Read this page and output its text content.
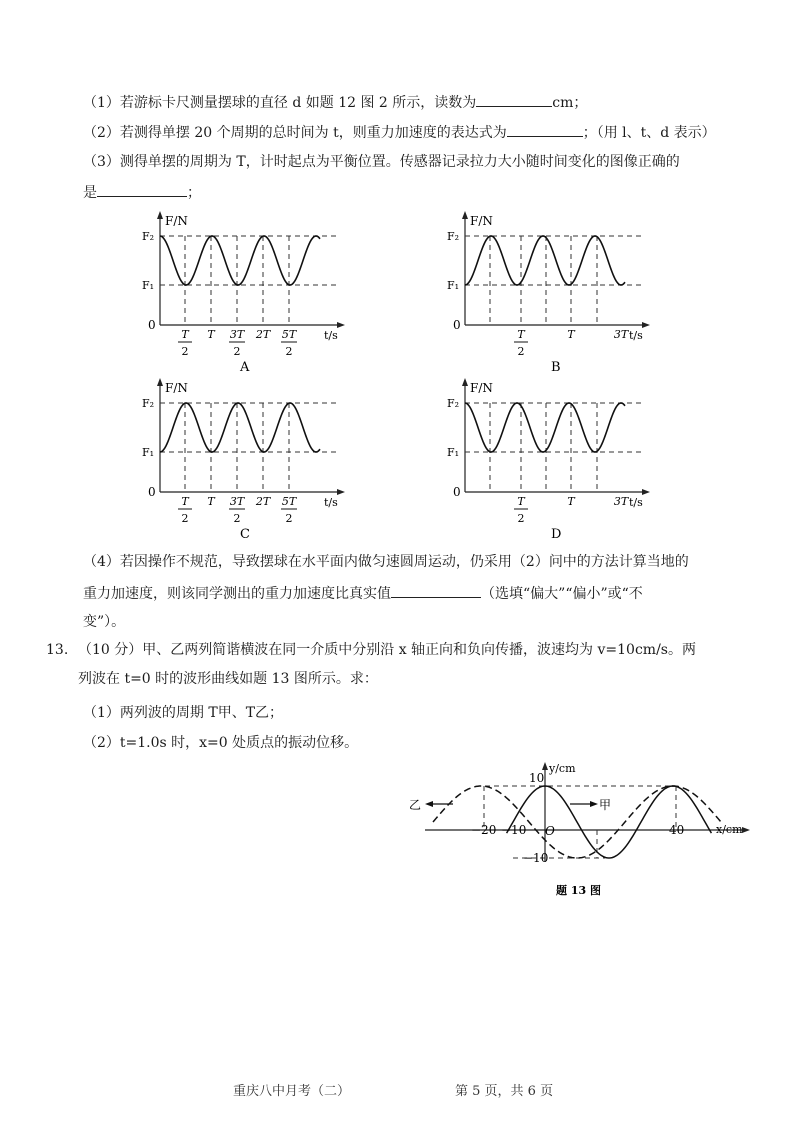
（1）若游标卡尺测量摆球的直径 d 如题 12 图 2 所示，读数为	cm；
（2）若测得单摆 20 个周期的总时间为 t，则重力加速度的表达式为	；（用 l、t、d 表示）
（3）测得单摆的周期为 T，计时起点为平衡位置。传感器记录拉力大小随时间变化的图像正确的
是	；
F/N
F₂
F₁
0
t/s
T
2
T 3T
2
2T 5T
2
A
F/N
F₂
F₁
0
t/s
T
2
T	3T
B
F/N
F₂
F₁
0
t/s
T
2
T 3T
2
2T 5T
2
C
F/N
F₂
F₁
0
t/s
T
2
T	3T
D
（4）若因操作不规范，导致摆球在水平面内做匀速圆周运动，仍采用（2）问中的方法计算当地的
重力加速度，则该同学测出的重力加速度比真实值	（选填“偏大”“偏小”或“不
变”）。
13. （10 分）甲、乙两列简谐横波在同一介质中分别沿 x 轴正向和负向传播，波速均为 v=10cm/s。两
列波在 t=0 时的波形曲线如题 13 图所示。求：
（1）两列波的周期 T甲、T乙；
（2）t=1.0s 时，x=0 处质点的振动位移。
甲
乙
y/cm
x/cm
10
−10
−20 −10 O	40
题 13 图
重庆八中月考（二）	第 5 页，共 6 页
